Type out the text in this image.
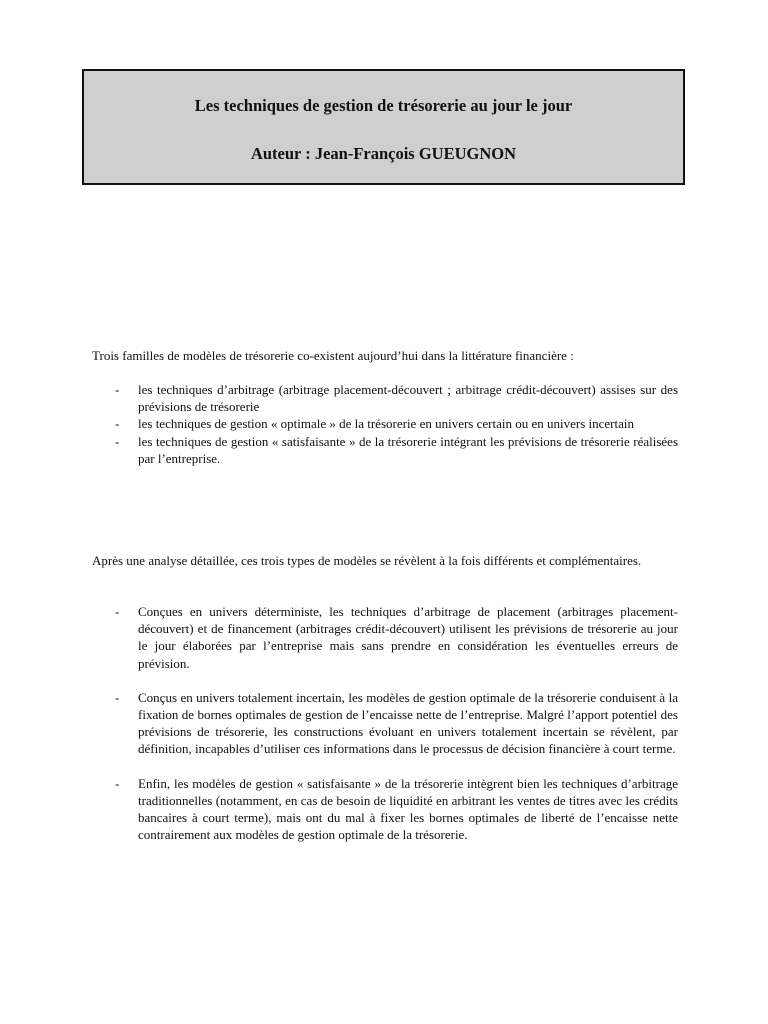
Les techniques de gestion de trésorerie au jour le jour
Auteur : Jean-François GUEUGNON

Trois familles de modèles de trésorerie co-existent aujourd’hui dans la littérature financière :

- les techniques d’arbitrage (arbitrage placement-découvert ; arbitrage crédit-découvert) assises sur des prévisions de trésorerie
- les techniques de gestion « optimale » de la trésorerie en univers certain ou en univers incertain
- les techniques de gestion « satisfaisante » de la trésorerie intégrant les prévisions de trésorerie réalisées par l’entreprise.

Après une analyse détaillée, ces trois types de modèles se révèlent à la fois différents et complémentaires.

- Conçues en univers déterministe, les techniques d’arbitrage de placement (arbitrages placement-découvert) et de financement (arbitrages crédit-découvert) utilisent les prévisions de trésorerie au jour le jour élaborées par l’entreprise mais sans prendre en considération les éventuelles erreurs de prévision.
- Conçus en univers totalement incertain, les modèles de gestion optimale de la trésorerie conduisent à la fixation de bornes optimales de gestion de l’encaisse nette de l’entreprise. Malgré l’apport potentiel des prévisions de trésorerie, les constructions évoluant en univers totalement incertain se révèlent, par définition, incapables d’utiliser ces informations dans le processus de décision financière à court terme.
- Enfin, les modèles de gestion « satisfaisante » de la trésorerie intègrent bien les techniques d’arbitrage traditionnelles (notamment, en cas de besoin de liquidité en arbitrant les ventes de titres avec les crédits bancaires à court terme), mais ont du mal à fixer les bornes optimales de liberté de l’encaisse nette contrairement aux modèles de gestion optimale de la trésorerie.
